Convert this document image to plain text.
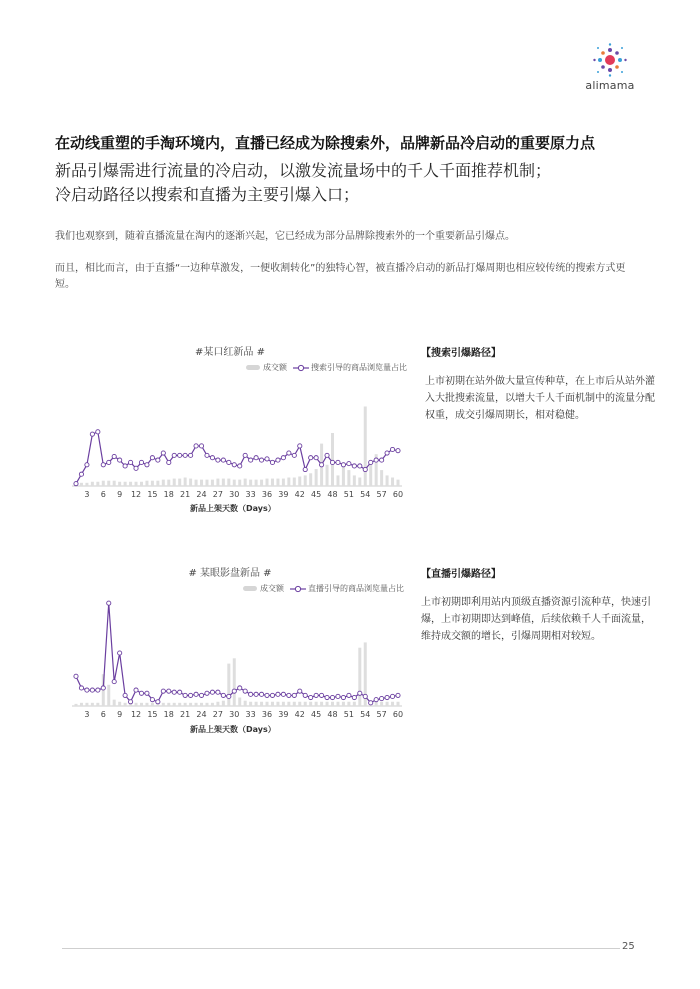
alimama
在动线重塑的手淘环境内，直播已经成为除搜索外，品牌新品冷启动的重要原力点
新品引爆需进行流量的冷启动，以激发流量场中的千人千面推荐机制；
冷启动路径以搜索和直播为主要引爆入口；
我们也观察到，随着直播流量在淘内的逐渐兴起，它已经成为部分品牌除搜索外的一个重要新品引爆点。
而且，相比而言，由于直播“一边种草激发，一便收割转化”的独特心智，被直播冷启动的新品打爆周期也相应较传统的搜索方式更短。
#某口红新品 #
成交额	搜索引导的商品浏览量占比
3 6 9 12 15 18 21 24 27 30 33 36 39 42 45 48 51 54 57 60
新品上架天数（Days）
# 某眼影盘新品 #
成交额	直播引导的商品浏览量占比
3 6 9 12 15 18 21 24 27 30 33 36 39 42 45 48 51 54 57 60
新品上架天数（Days）
【搜索引爆路径】
上市初期在站外做大量宣传种草，在上市后从站外灌入大批搜索流量，以增大千人千面机制中的流量分配权重，成交引爆周期长，相对稳健。
【直播引爆路径】
上市初期即利用站内顶级直播资源引流种草，快速引爆，上市初期即达到峰值，后续依赖千人千面流量，维持成交额的增长，引爆周期相对较短。
25
